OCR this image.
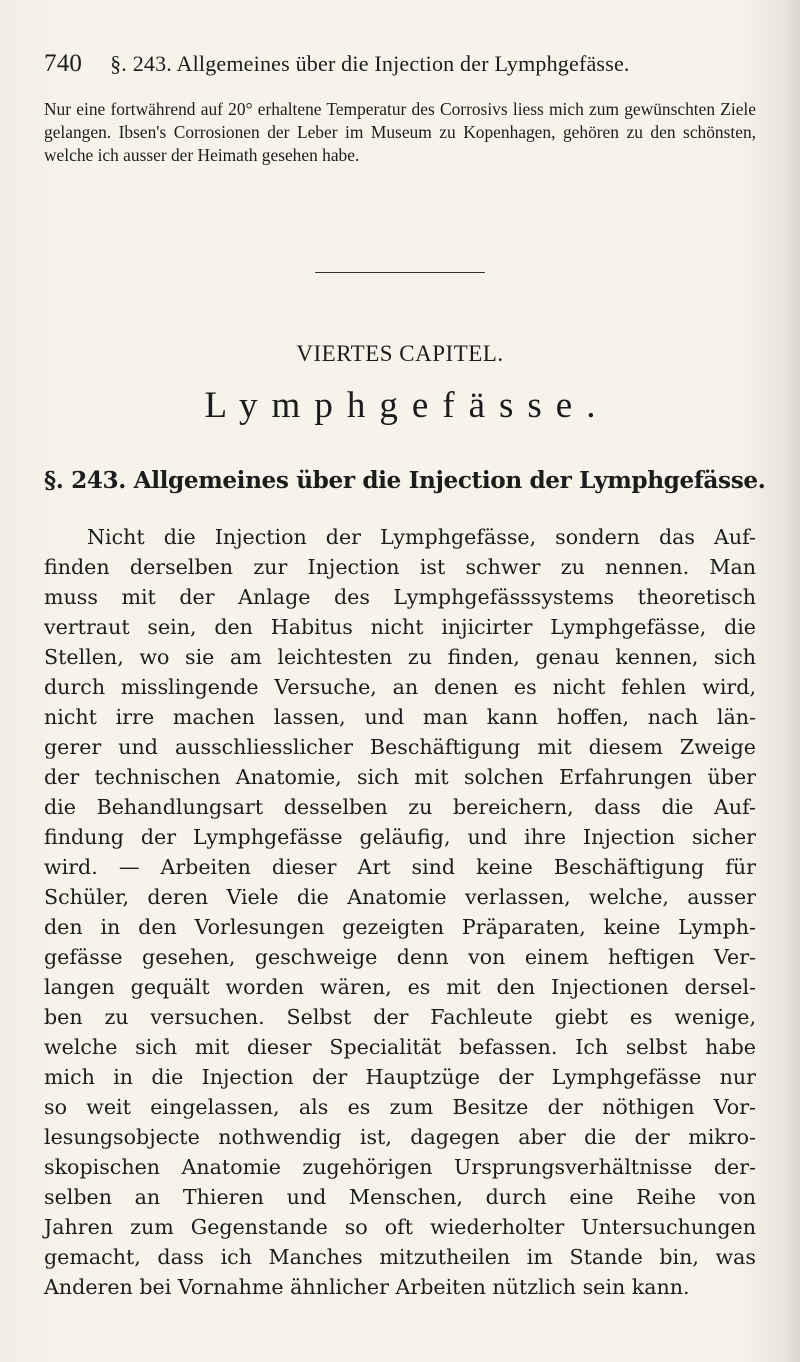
740 §. 243. Allgemeines über die Injection der Lymphgefässe.
Nur eine fortwährend auf 20° erhaltene Temperatur des Corrosivs liess mich zum gewünschten Ziele gelangen. Ibsen's Corrosionen der Leber im Museum zu Kopenhagen, gehören zu den schönsten, welche ich ausser der Heimath gesehen habe.
VIERTES CAPITEL.
Lymphgefässe.
§. 243. Allgemeines über die Injection der Lymphgefässe.
Nicht die Injection der Lymphgefässe, sondern das Auf-
finden derselben zur Injection ist schwer zu nennen. Man
muss mit der Anlage des Lymphgefässsystems theoretisch
vertraut sein, den Habitus nicht injicirter Lymphgefässe, die
Stellen, wo sie am leichtesten zu finden, genau kennen, sich
durch misslingende Versuche, an denen es nicht fehlen wird,
nicht irre machen lassen, und man kann hoffen, nach län-
gerer und ausschliesslicher Beschäftigung mit diesem Zweige
der technischen Anatomie, sich mit solchen Erfahrungen über
die Behandlungsart desselben zu bereichern, dass die Auf-
findung der Lymphgefässe geläufig, und ihre Injection sicher
wird. — Arbeiten dieser Art sind keine Beschäftigung für
Schüler, deren Viele die Anatomie verlassen, welche, ausser
den in den Vorlesungen gezeigten Präparaten, keine Lymph-
gefässe gesehen, geschweige denn von einem heftigen Ver-
langen gequält worden wären, es mit den Injectionen dersel-
ben zu versuchen. Selbst der Fachleute giebt es wenige,
welche sich mit dieser Specialität befassen. Ich selbst habe
mich in die Injection der Hauptzüge der Lymphgefässe nur
so weit eingelassen, als es zum Besitze der nöthigen Vor-
lesungsobjecte nothwendig ist, dagegen aber die der mikro-
skopischen Anatomie zugehörigen Ursprungsverhältnisse der-
selben an Thieren und Menschen, durch eine Reihe von
Jahren zum Gegenstande so oft wiederholter Untersuchungen
gemacht, dass ich Manches mitzutheilen im Stande bin, was
Anderen bei Vornahme ähnlicher Arbeiten nützlich sein kann.
